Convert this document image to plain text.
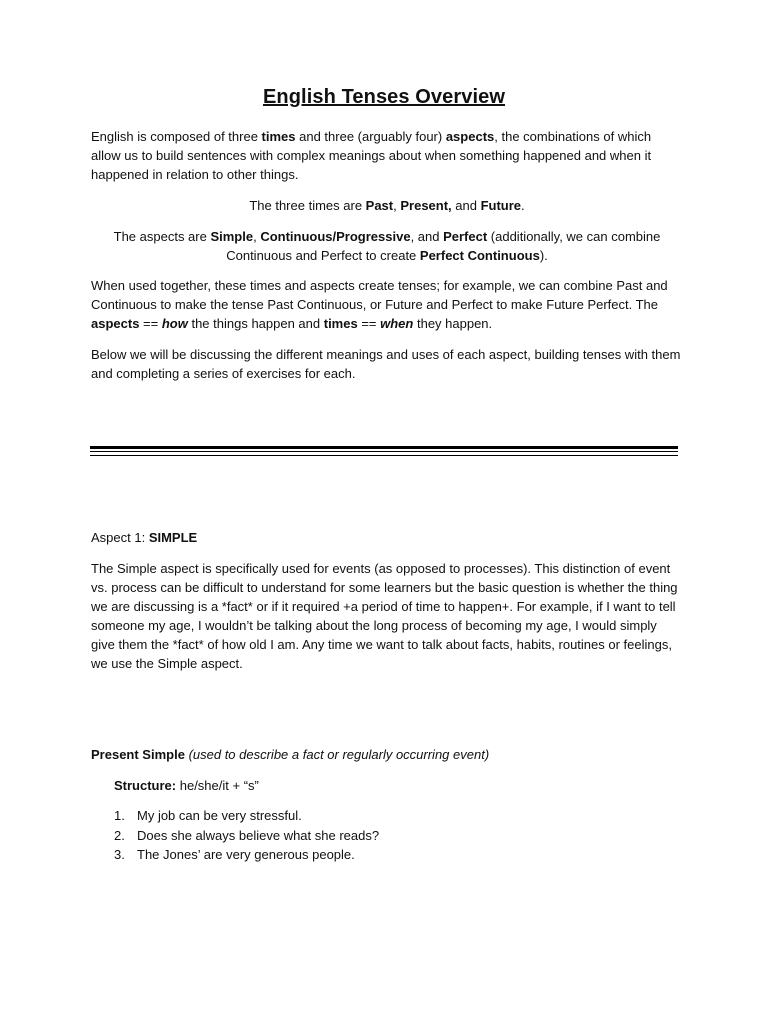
English Tenses Overview

English is composed of three times and three (arguably four) aspects, the combinations of which allow us to build sentences with complex meanings about when something happened and when it happened in relation to other things.

The three times are Past, Present, and Future.

The aspects are Simple, Continuous/Progressive, and Perfect (additionally, we can combine Continuous and Perfect to create Perfect Continuous).

When used together, these times and aspects create tenses; for example, we can combine Past and Continuous to make the tense Past Continuous, or Future and Perfect to make Future Perfect. The aspects == how the things happen and times == when they happen.

Below we will be discussing the different meanings and uses of each aspect, building tenses with them and completing a series of exercises for each.

Aspect 1: SIMPLE

The Simple aspect is specifically used for events (as opposed to processes). This distinction of event vs. process can be difficult to understand for some learners but the basic question is whether the thing we are discussing is a *fact* or if it required +a period of time to happen+. For example, if I want to tell someone my age, I wouldn’t be talking about the long process of becoming my age, I would simply give them the *fact* of how old I am. Any time we want to talk about facts, habits, routines or feelings, we use the Simple aspect.

Present Simple (used to describe a fact or regularly occurring event)

Structure: he/she/it + “s”

1. My job can be very stressful.
2. Does she always believe what she reads?
3. The Jones’ are very generous people.
